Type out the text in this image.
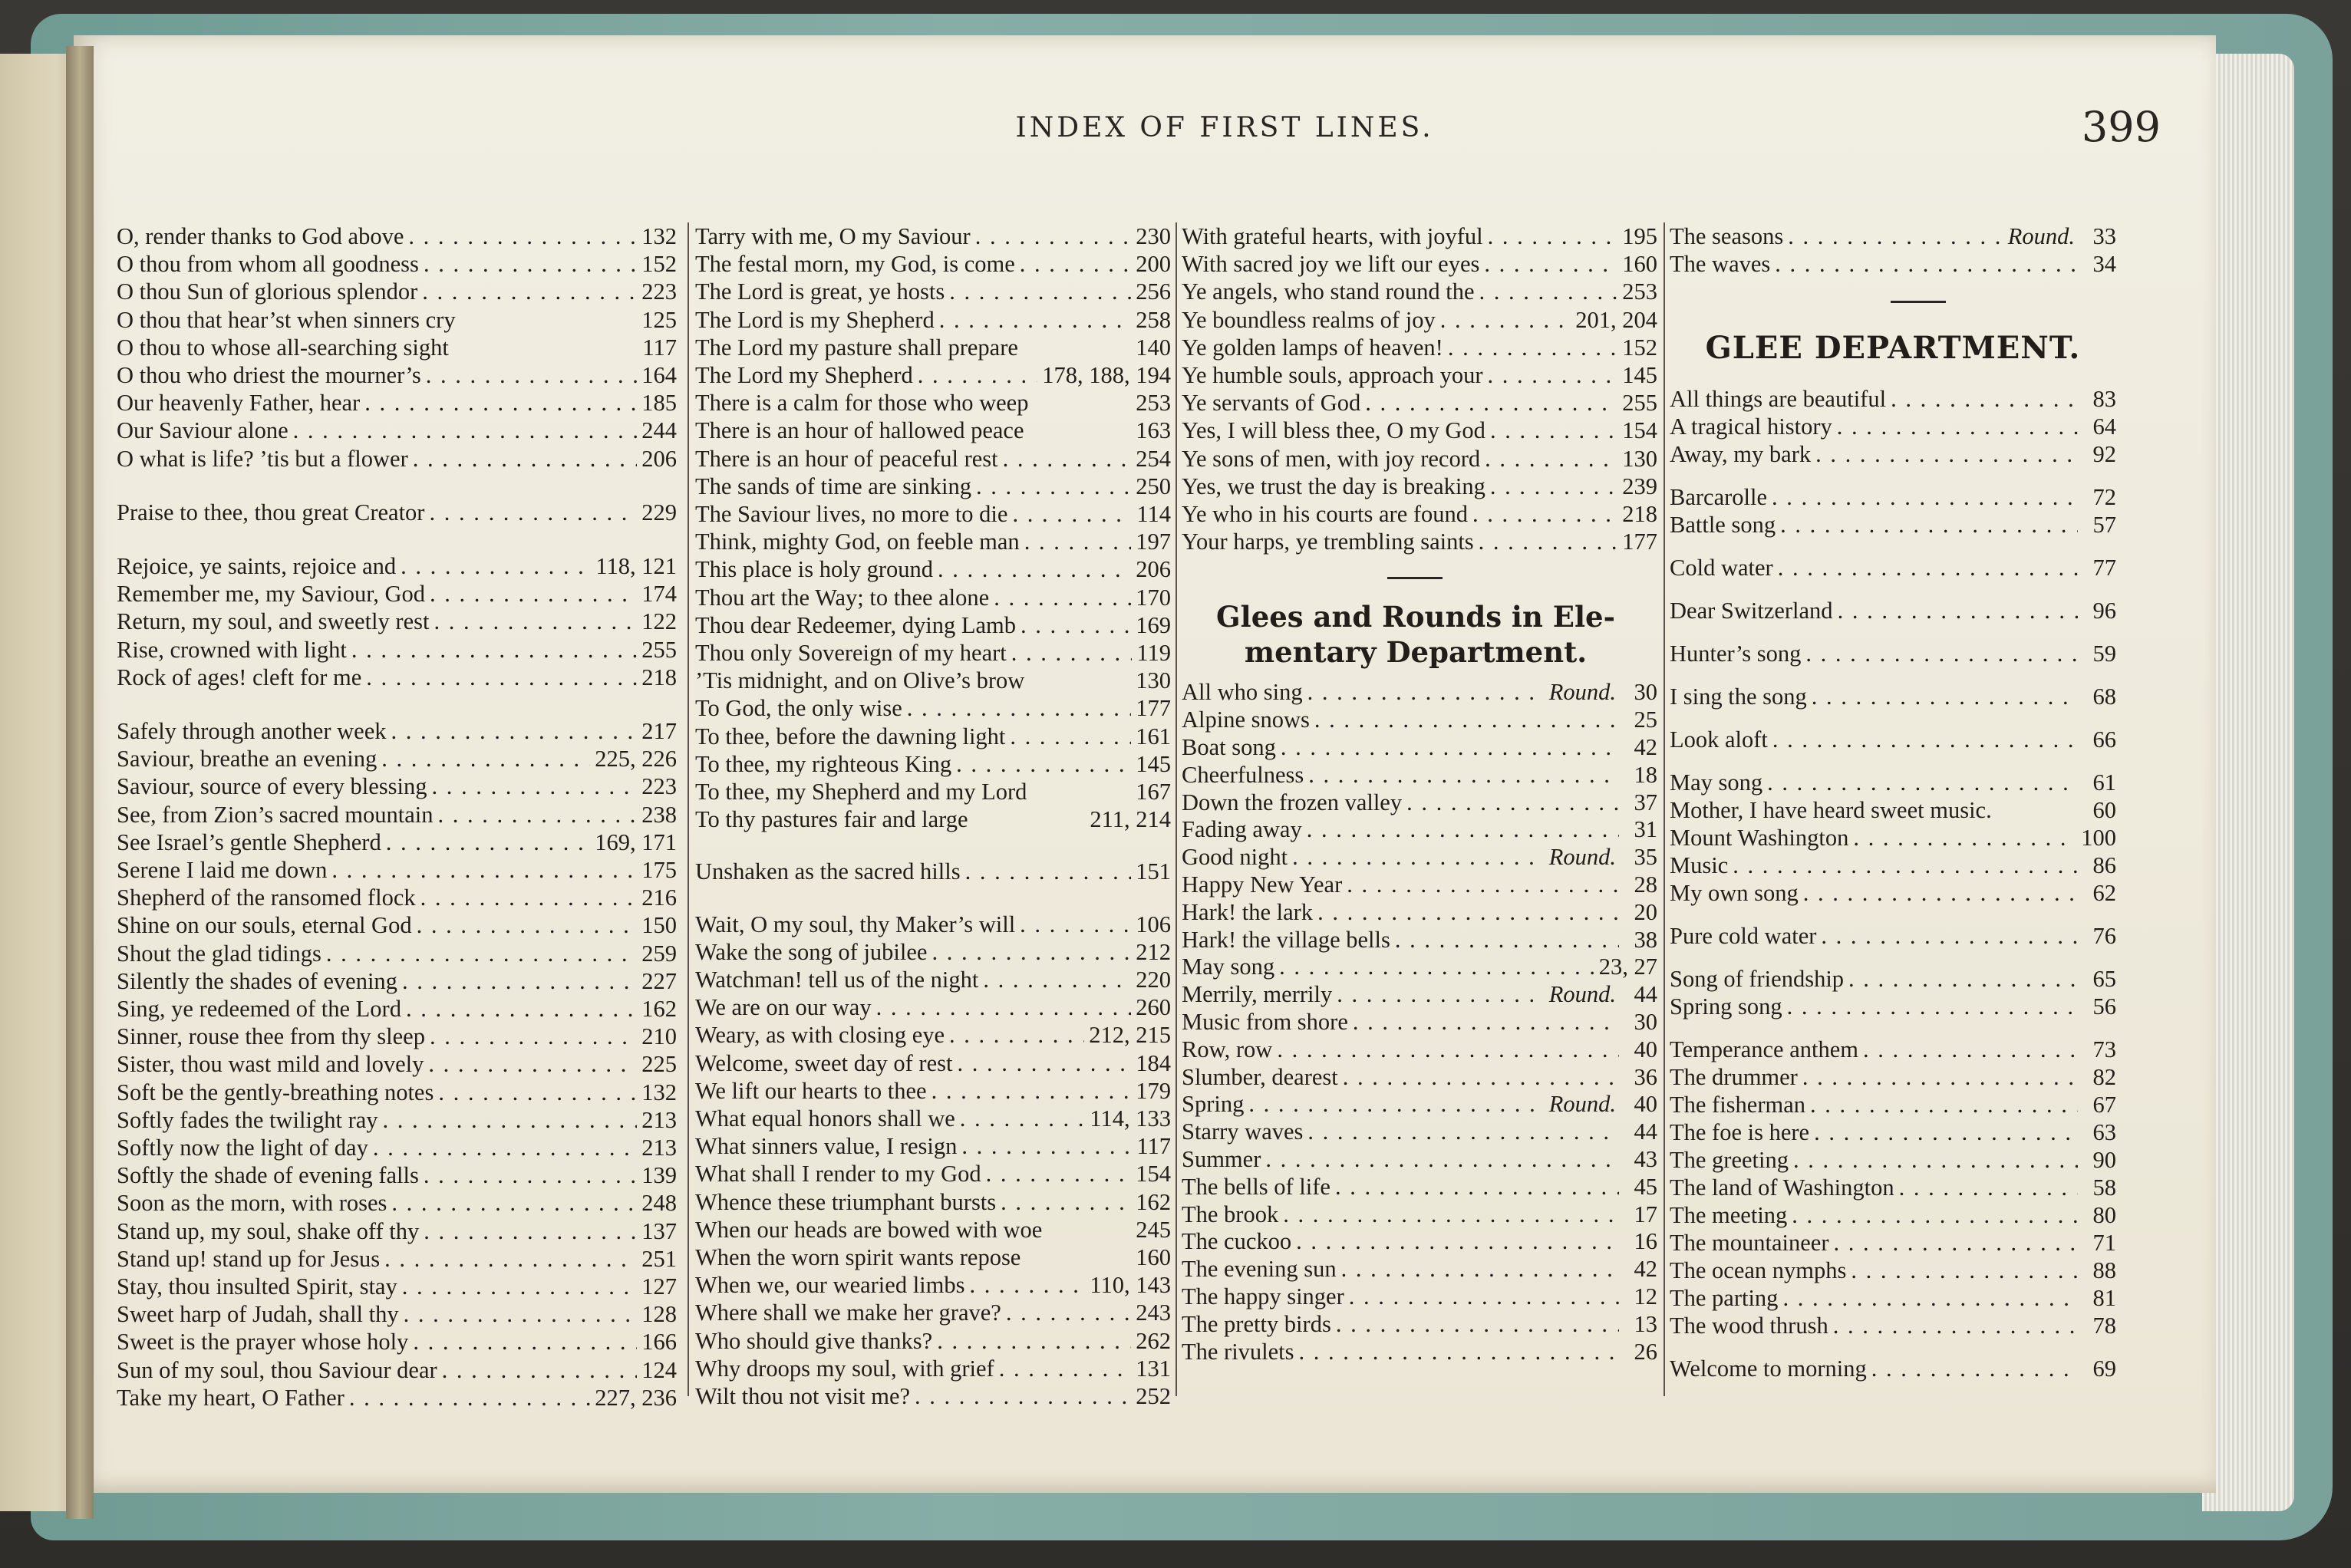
INDEX OF FIRST LINES.	399
O, render thanks to God above . . .	132
O thou from whom all goodness . . .	152
O thou Sun of glorious splendor . . .	223
O thou that hear’st when sinners cry	125
O thou to whose all-searching sight	117
O thou who driest the mourner’s . . .	164
Our heavenly Father, hear . . .	185
Our Saviour alone . . .	244
O what is life? ’tis but a flower . . .	206
Praise to thee, thou great Creator . . .	229
Rejoice, ye saints, rejoice and . . .	118, 121
Remember me, my Saviour, God . . .	174
Return, my soul, and sweetly rest . . .	122
Rise, crowned with light . . .	255
Rock of ages! cleft for me . . .	218
Safely through another week . . .	217
Saviour, breathe an evening . . .	225, 226
Saviour, source of every blessing . . .	223
See, from Zion’s sacred mountain . . .	238
See Israel’s gentle Shepherd . . .	169, 171
Serene I laid me down . . .	175
Shepherd of the ransomed flock . . .	216
Shine on our souls, eternal God . . .	150
Shout the glad tidings . . .	259
Silently the shades of evening . . .	227
Sing, ye redeemed of the Lord . . .	162
Sinner, rouse thee from thy sleep . . .	210
Sister, thou wast mild and lovely . . .	225
Soft be the gently-breathing notes . . .	132
Softly fades the twilight ray . . .	213
Softly now the light of day . . .	213
Softly the shade of evening falls . . .	139
Soon as the morn, with roses . . .	248
Stand up, my soul, shake off thy . . .	137
Stand up! stand up for Jesus . . .	251
Stay, thou insulted Spirit, stay . . .	127
Sweet harp of Judah, shall thy . . .	128
Sweet is the prayer whose holy . . .	166
Sun of my soul, thou Saviour dear . . .	124
Take my heart, O Father . . .	227, 236
Tarry with me, O my Saviour . . .	230
The festal morn, my God, is come . . .	200
The Lord is great, ye hosts . . .	256
The Lord is my Shepherd . . .	258
The Lord my pasture shall prepare	140
The Lord my Shepherd . . .	178, 188, 194
There is a calm for those who weep	253
There is an hour of hallowed peace	163
There is an hour of peaceful rest . . .	254
The sands of time are sinking . . .	250
The Saviour lives, no more to die . . .	114
Think, mighty God, on feeble man . . .	197
This place is holy ground . . .	206
Thou art the Way; to thee alone . . .	170
Thou dear Redeemer, dying Lamb . . .	169
Thou only Sovereign of my heart . . .	119
’Tis midnight, and on Olive’s brow	130
To God, the only wise . . .	177
To thee, before the dawning light . . .	161
To thee, my righteous King . . .	145
To thee, my Shepherd and my Lord	167
To thy pastures fair and large	211, 214
Unshaken as the sacred hills . . .	151
Wait, O my soul, thy Maker’s will . . .	106
Wake the song of jubilee . . .	212
Watchman! tell us of the night . . .	220
We are on our way . . .	260
Weary, as with closing eye . . .	212, 215
Welcome, sweet day of rest . . .	184
We lift our hearts to thee . . .	179
What equal honors shall we . . .	114, 133
What sinners value, I resign . . .	117
What shall I render to my God . . .	154
Whence these triumphant bursts . . .	162
When our heads are bowed with woe	245
When the worn spirit wants repose	160
When we, our wearied limbs . . .	110, 143
Where shall we make her grave? . . .	243
Who should give thanks? . . .	262
Why droops my soul, with grief . . .	131
Wilt thou not visit me? . . .	252
With grateful hearts, with joyful . . .	195
With sacred joy we lift our eyes . . .	160
Ye angels, who stand round the . . .	253
Ye boundless realms of joy . . .	201, 204
Ye golden lamps of heaven! . . .	152
Ye humble souls, approach your . . .	145
Ye servants of God . . .	255
Yes, I will bless thee, O my God . . .	154
Ye sons of men, with joy record . . .	130
Yes, we trust the day is breaking . . .	239
Ye who in his courts are found . . .	218
Your harps, ye trembling saints . . .	177
Glees and Rounds in Ele-
mentary Department.
All who sing . . .	Round. 30
Alpine snows . . .	25
Boat song . . .	42
Cheerfulness . . .	18
Down the frozen valley . . .	37
Fading away . . .	31
Good night . . .	Round. 35
Happy New Year . . .	28
Hark! the lark . . .	20
Hark! the village bells . . .	38
May song . . .	23, 27
Merrily, merrily . . .	Round. 44
Music from shore . . .	30
Row, row . . .	40
Slumber, dearest . . .	36
Spring . . .	Round. 40
Starry waves . . .	44
Summer . . .	43
The bells of life . . .	45
The brook . . .	17
The cuckoo . . .	16
The evening sun . . .	42
The happy singer . . .	12
The pretty birds . . .	13
The rivulets . . .	26
The seasons . . .	Round. 33
The waves . . .	34
GLEE DEPARTMENT.
All things are beautiful . . .	83
A tragical history . . .	64
Away, my bark . . .	92
Barcarolle . . .	72
Battle song . . .	57
Cold water . . .	77
Dear Switzerland . . .	96
Hunter’s song . . .	59
I sing the song . . .	68
Look aloft . . .	66
May song . . .	61
Mother, I have heard sweet music.	60
Mount Washington . . .	100
Music . . .	86
My own song . . .	62
Pure cold water . . .	76
Song of friendship . . .	65
Spring song . . .	56
Temperance anthem . . .	73
The drummer . . .	82
The fisherman . . .	67
The foe is here . . .	63
The greeting . . .	90
The land of Washington . . .	58
The meeting . . .	80
The mountaineer . . .	71
The ocean nymphs . . .	88
The parting . . .	81
The wood thrush . . .	78
Welcome to morning . . .	69
